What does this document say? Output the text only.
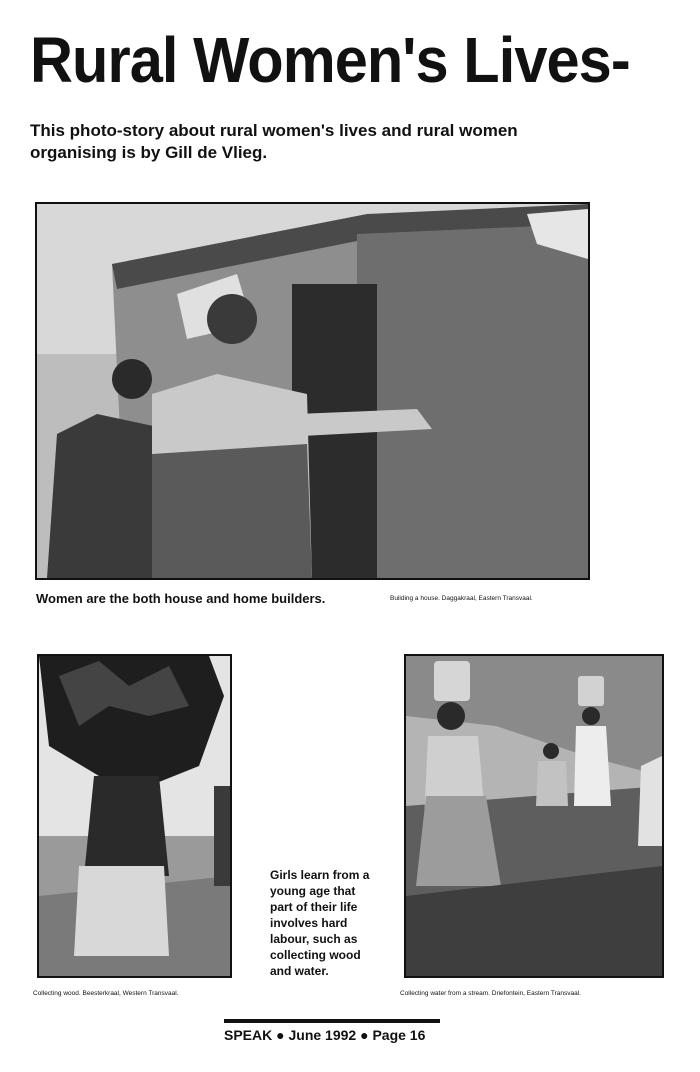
Rural Women's Lives-
This photo-story about rural women's lives and rural women organising is by Gill de Vlieg.
Women are the both house and home builders.	Building a house. Daggakraal, Eastern Transvaal.
Girls learn from a young age that part of their life involves hard labour, such as collecting wood and water.
Collecting wood. Beesterkraal, Western Transvaal.	Collecting water from a stream. Driefontein, Eastern Transvaal.
SPEAK ● June 1992 ● Page 16
